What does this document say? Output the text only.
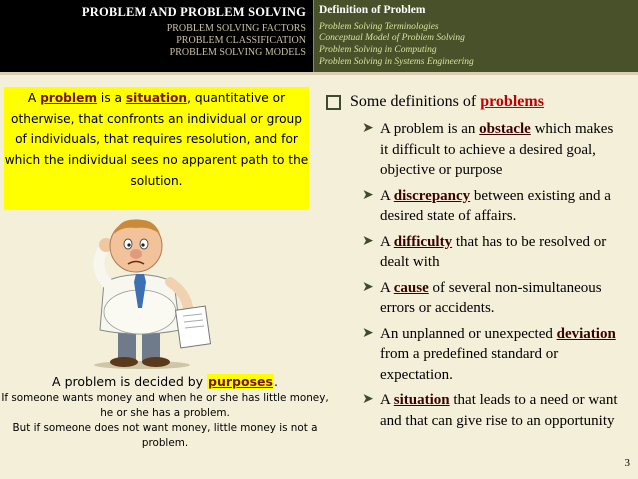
PROBLEM AND PROBLEM SOLVING
PROBLEM SOLVING FACTORS
PROBLEM CLASSIFICATION
PROBLEM SOLVING MODELS
Definition of Problem
Problem Solving Terminologies
Conceptual Model of Problem Solving
Problem Solving in Computing
Problem Solving in Systems Engineering
A problem is a situation, quantitative or otherwise, that confronts an individual or group of individuals, that requires resolution, and for which the individual sees no apparent path to the solution.
A problem is decided by purposes.
If someone wants money and when he or she has little money, he or she has a problem.
But if someone does not want money, little money is not a problem.
Some definitions of problems
➤ A problem is an obstacle which makes it difficult to achieve a desired goal, objective or purpose
➤ A discrepancy between existing and a desired state of affairs.
➤ A difficulty that has to be resolved or dealt with
➤ A cause of several non-simultaneous errors or accidents.
➤ An unplanned or unexpected deviation from a predefined standard or expectation.
➤ A situation that leads to a need or want and that can give rise to an opportunity
3
